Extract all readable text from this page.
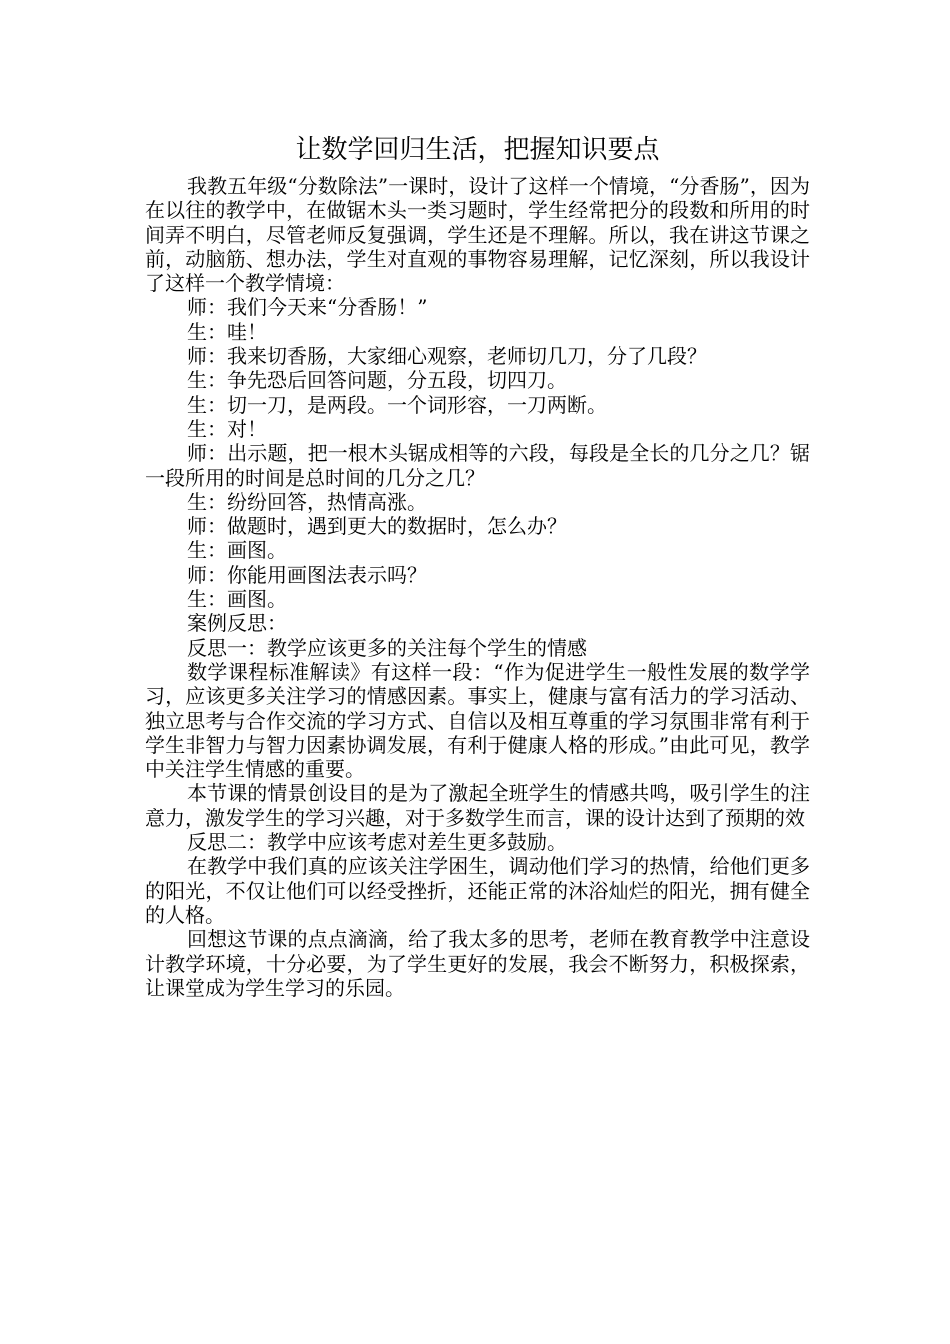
让数学回归生活，把握知识要点

我教五年级“分数除法”一课时，设计了这样一个情境，“分香肠”，因为在以往的教学中，在做锯木头一类习题时，学生经常把分的段数和所用的时间弄不明白，尽管老师反复强调，学生还是不理解。所以，我在讲这节课之前，动脑筋、想办法，学生对直观的事物容易理解，记忆深刻，所以我设计了这样一个教学情境：

师：我们今天来“分香肠！”

生：哇！

师：我来切香肠，大家细心观察，老师切几刀，分了几段？

生：争先恐后回答问题，分五段，切四刀。

生：切一刀，是两段。一个词形容，一刀两断。

生：对！

师：出示题，把一根木头锯成相等的六段，每段是全长的几分之几？锯一段所用的时间是总时间的几分之几？

生：纷纷回答，热情高涨。

师：做题时，遇到更大的数据时，怎么办？

生：画图。

师：你能用画图法表示吗？

生：画图。

案例反思：

反思一：教学应该更多的关注每个学生的情感

数学课程标准解读》有这样一段：“作为促进学生一般性发展的数学学习，应该更多关注学习的情感因素。事实上，健康与富有活力的学习活动、独立思考与合作交流的学习方式、自信以及相互尊重的学习氛围非常有利于学生非智力与智力因素协调发展，有利于健康人格的形成。”由此可见，教学中关注学生情感的重要。

本节课的情景创设目的是为了激起全班学生的情感共鸣，吸引学生的注意力，激发学生的学习兴趣，对于多数学生而言，课的设计达到了预期的效

反思二：教学中应该考虑对差生更多鼓励。

在教学中我们真的应该关注学困生，调动他们学习的热情，给他们更多的阳光，不仅让他们可以经受挫折，还能正常的沐浴灿烂的阳光，拥有健全的人格。

回想这节课的点点滴滴，给了我太多的思考，老师在教育教学中注意设计教学环境，十分必要，为了学生更好的发展，我会不断努力，积极探索，让课堂成为学生学习的乐园。
